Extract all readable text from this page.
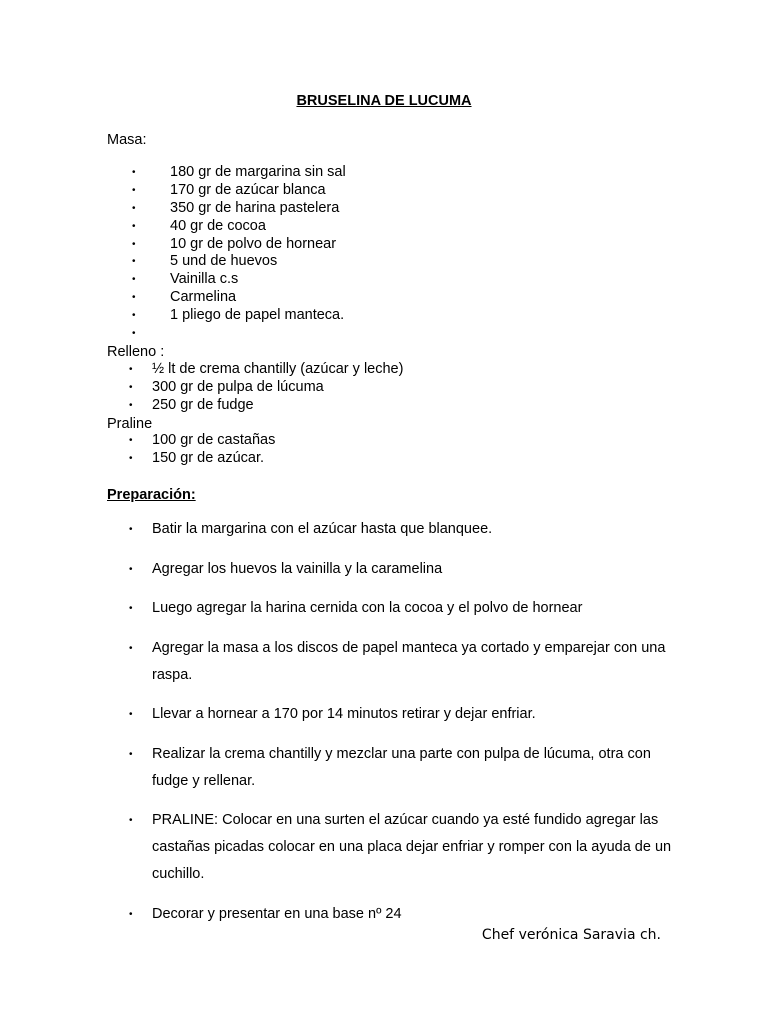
BRUSELINA DE LUCUMA

Masa:

• 180 gr de margarina sin sal
• 170 gr de azúcar blanca
• 350 gr de harina pastelera
• 40 gr de cocoa
• 10 gr de polvo de hornear
• 5 und de huevos
• Vainilla c.s
• Carmelina
• 1 pliego de papel manteca.
•

Relleno :

• ½ lt de crema chantilly (azúcar y leche)
• 300 gr de pulpa de lúcuma
• 250 gr de fudge

Praline

• 100 gr de castañas
• 150 gr de azúcar.

Preparación:

• Batir la margarina con el azúcar hasta que blanquee.
• Agregar los huevos la vainilla y la caramelina
• Luego agregar la harina cernida con la cocoa y el polvo de hornear
• Agregar la masa a los discos de papel manteca ya cortado y emparejar con una raspa.
• Llevar a hornear a 170 por 14 minutos retirar y dejar enfriar.
• Realizar la crema chantilly y mezclar una parte con pulpa de lúcuma, otra con fudge y rellenar.
• PRALINE: Colocar en una surten el azúcar cuando ya esté fundido agregar las castañas picadas colocar en una placa dejar enfriar y romper con la ayuda de un cuchillo.
• Decorar y presentar en una base nº 24
Chef verónica Saravia ch.
